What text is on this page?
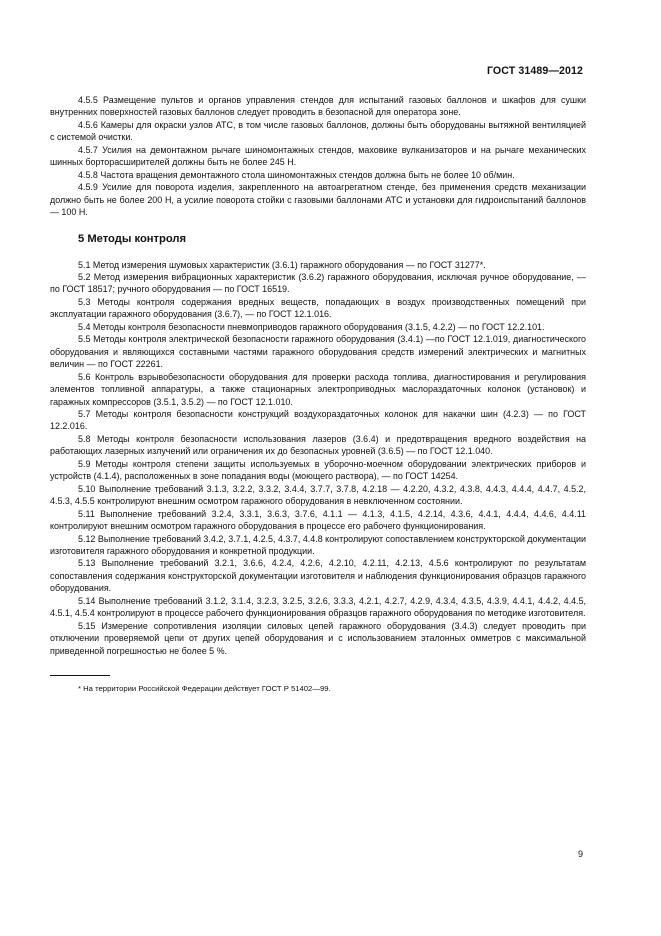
ГОСТ 31489—2012

4.5.5 Размещение пультов и органов управления стендов для испытаний газовых баллонов и шкафов для сушки внутренних поверхностей газовых баллонов следует проводить в безопасной для оператора зоне.

4.5.6 Камеры для окраски узлов АТС, в том числе газовых баллонов, должны быть оборудованы вытяжной вентиляцией с системой очистки.

4.5.7 Усилия на демонтажном рычаге шиномонтажных стендов, маховике вулканизаторов и на рычаге механических шинных борторасширителей должны быть не более 245 Н.

4.5.8 Частота вращения демонтажного стола шиномонтажных стендов должна быть не более 10 об/мин.

4.5.9 Усилие для поворота изделия, закрепленного на автоагрегатном стенде, без применения средств механизации должно быть не более 200 Н, а усилие поворота стойки с газовыми баллонами АТС и установки для гидроиспытаний баллонов — 100 Н.

5 Методы контроля

5.1 Метод измерения шумовых характеристик (3.6.1) гаражного оборудования — по ГОСТ 31277*.

5.2 Метод измерения вибрационных характеристик (3.6.2) гаражного оборудования, исключая ручное оборудование, — по ГОСТ 18517; ручного оборудования — по ГОСТ 16519.

5.3 Методы контроля содержания вредных веществ, попадающих в воздух производственных помещений при эксплуатации гаражного оборудования (3.6.7), — по ГОСТ 12.1.016.

5.4 Методы контроля безопасности пневмоприводов гаражного оборудования (3.1.5, 4.2.2) — по ГОСТ 12.2.101.

5.5 Методы контроля электрической безопасности гаражного оборудования (3.4.1) —по ГОСТ 12.1.019, диагностического оборудования и являющихся составными частями гаражного оборудования средств измерений электрических и магнитных величин — по ГОСТ 22261.

5.6 Контроль взрывобезопасности оборудования для проверки расхода топлива, диагностирования и регулирования элементов топливной аппаратуры, а также стационарных электроприводных маслораздаточных колонок (установок) и гаражных компрессоров (3.5.1, 3.5.2) — по ГОСТ 12.1.010.

5.7 Методы контроля безопасности конструкций воздухораздаточных колонок для накачки шин (4.2.3) — по ГОСТ 12.2.016.

5.8 Методы контроля безопасности использования лазеров (3.6.4) и предотвращения вредного воздействия на работающих лазерных излучений или ограничения их до безопасных уровней (3.6.5) — по ГОСТ 12.1.040.

5.9 Методы контроля степени защиты используемых в уборочно-моечном оборудовании электрических приборов и устройств (4.1.4), расположенных в зоне попадания воды (моющего раствора), — по ГОСТ 14254.

5.10 Выполнение требований 3.1.3, 3.2.2, 3.3.2, 3.4.4, 3.7.7, 3.7.8, 4.2.18 — 4.2.20, 4.3.2, 4.3.8, 4.4.3, 4.4.4, 4.4.7, 4.5.2, 4.5.3, 4.5.5 контролируют внешним осмотром гаражного оборудования в невключенном состоянии.

5.11 Выполнение требований 3.2.4, 3.3.1, 3.6.3, 3.7.6, 4.1.1 — 4.1.3, 4.1.5, 4.2.14, 4.3.6, 4.4.1, 4.4.4, 4.4.6, 4.4.11 контролируют внешним осмотром гаражного оборудования в процессе его рабочего функционирования.

5.12 Выполнение требований 3.4.2, 3.7.1, 4.2.5, 4.3.7, 4.4.8 контролируют сопоставлением конструкторской документации изготовителя гаражного оборудования и конкретной продукции.

5.13 Выполнение требований 3.2.1, 3.6.6, 4.2.4, 4.2.6, 4.2.10, 4.2.11, 4.2.13, 4.5.6 контролируют по результатам сопоставления содержания конструкторской документации изготовителя и наблюдения функционирования образцов гаражного оборудования.

5.14 Выполнение требований 3.1.2, 3.1.4, 3.2.3, 3.2.5, 3.2.6, 3.3.3, 4.2.1, 4.2.7, 4.2.9, 4.3.4, 4.3.5, 4.3.9, 4.4.1, 4.4.2, 4.4.5, 4.5.1, 4.5.4 контролируют в процессе рабочего функционирования образцов гаражного оборудования по методике изготовителя.

5.15 Измерение сопротивления изоляции силовых цепей гаражного оборудования (3.4.3) следует проводить при отключении проверяемой цепи от других цепей оборудования и с использованием эталонных омметров с максимальной приведенной погрешностью не более 5 %.

* На территории Российской Федерации действует ГОСТ Р 51402—99.

9
